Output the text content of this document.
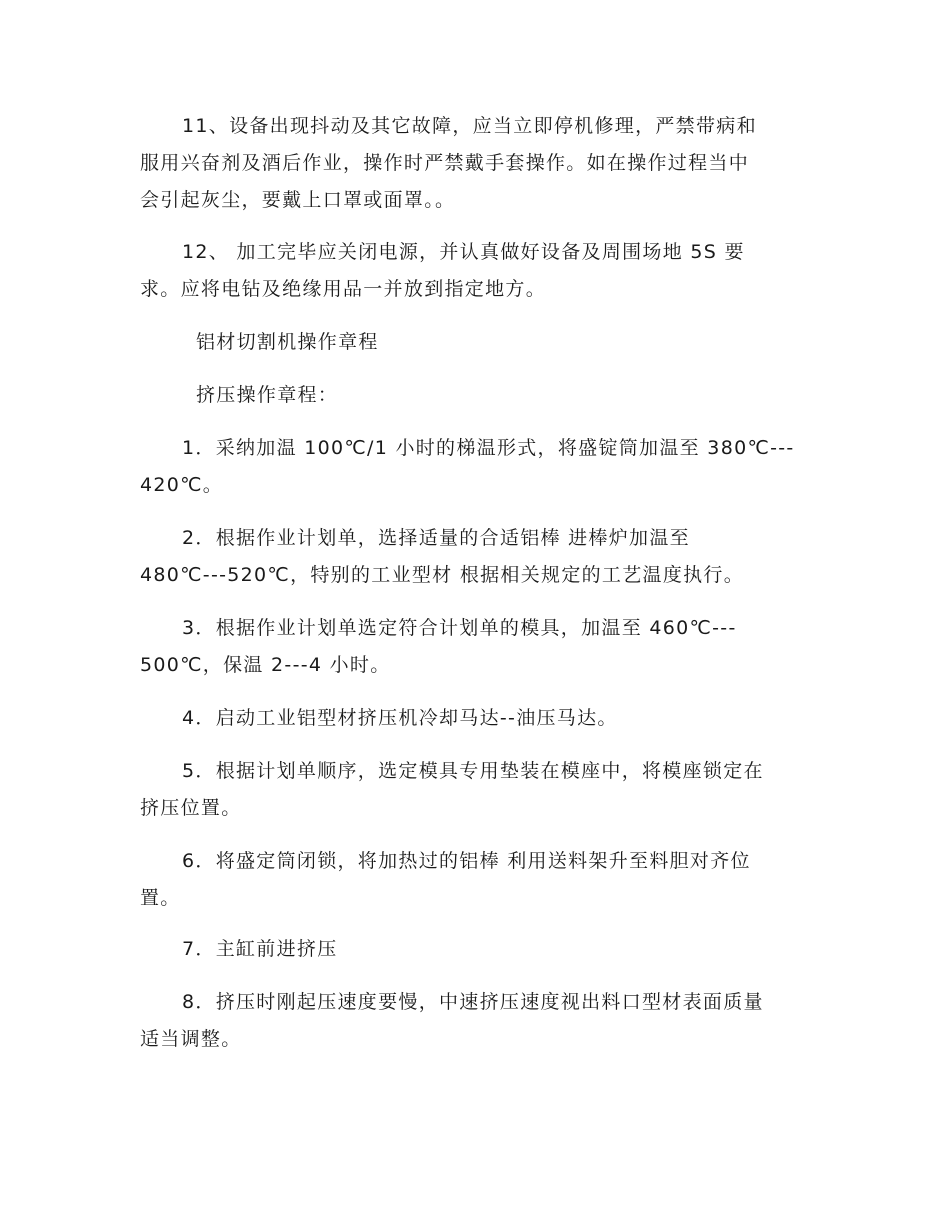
11、设备出现抖动及其它故障，应当立即停机修理，严禁带病和
服用兴奋剂及酒后作业，操作时严禁戴手套操作。如在操作过程当中
会引起灰尘，要戴上口罩或面罩。。

12、 加工完毕应关闭电源，并认真做好设备及周围场地 5S 要
求。应将电钻及绝缘用品一并放到指定地方。

铝材切割机操作章程

挤压操作章程：

1．采纳加温 100℃/1 小时的梯温形式，将盛锭筒加温至 380℃---
420℃。

2．根据作业计划单，选择适量的合适铝棒 进棒炉加温至
480℃---520℃，特别的工业型材 根据相关规定的工艺温度执行。

3．根据作业计划单选定符合计划单的模具，加温至 460℃---
500℃，保温 2---4 小时。

4．启动工业铝型材挤压机冷却马达--油压马达。

5．根据计划单顺序，选定模具专用垫装在模座中，将模座锁定在
挤压位置。

6．将盛定筒闭锁，将加热过的铝棒 利用送料架升至料胆对齐位
置。

7．主缸前进挤压

8．挤压时刚起压速度要慢，中速挤压速度视出料口型材表面质量
适当调整。
